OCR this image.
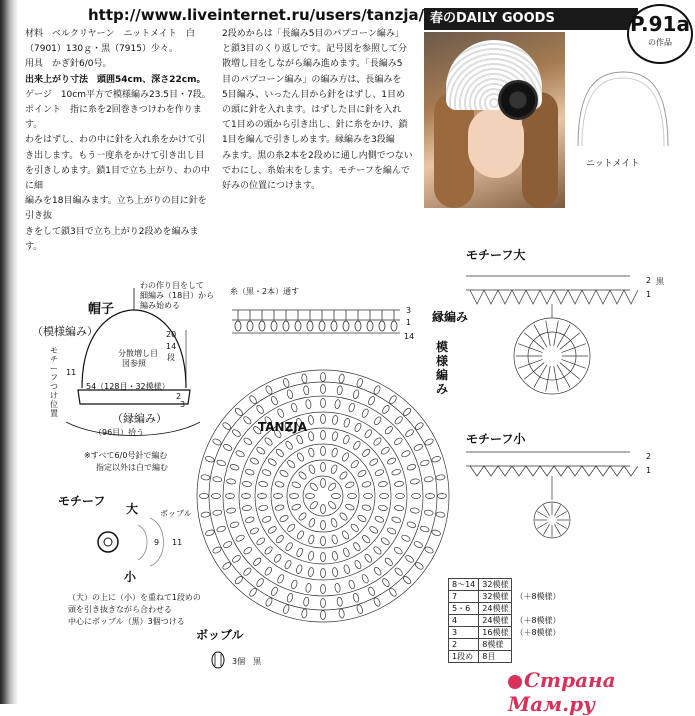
http://www.liveinternet.ru/users/tanzja/ 春のDAILY GOODS	P.91a
の作品

材料　ベルクリヤーン　ニットメイト　白

（7901）130ｇ・黒（7915）少々。

用具　かぎ針6/0号。

出来上がり寸法　頭囲54cm、深さ22cm。

ゲージ　10cm平方で模様編み23.5目・7段。

ポイント　指に糸を2回巻きつけわを作ります。

わをはずし、わの中に針を入れ糸をかけて引

き出します。もう一度糸をかけて引き出し目

を引きしめます。鎖1目で立ち上がり、わの中に細

編みを18目編みます。立ち上がりの目に針を引き抜

きをして鎖3目で立ち上がり2段めを編みます。

2段めからは「長編み5目のパプコーン編み」

と鎖3目のくり返しです。記号図を参照して分

散増し目をしながら編み進めます。「長編み5

目のパプコーン編み」の編み方は、長編みを

5目編み、いったん目から針をはずし、1目め

の頭に針を入れます。はずした目に針を入れ

て1目めの頭から引き出し、針に糸をかけ、鎖

1目を編んで引きしめます。縁編みを3段編

みます。黒の糸2本を2段めに通し内側でつない

でわにし、糸始末をします。モチーフを編んで

好みの位置につけます。

ニットメイト
帽子
（模様編み）
わの作り目をして
細編み（18目）から
編み始める
分散増し目
図参照
モチーフつけ位置
20
14
段
11
54（128目・32模様）
2
3
（縁編み）
（96目）拾う
※すべて6/0号針で編む
指定以外は白で編む
モチーフ
大
小
ボッブル
9 11
（大）の上に（小）を重ねて1段めの
頭を引き抜きながら合わせる
中心にボッブル（黒）3個つける
糸（黒・2本）通す
縁編み
模様編み
3
1
14
TANZJA
ボッブル
3個　黒
モチーフ大
2 黒
1
モチーフ小
2
1
8〜14	32模様	
7	32模様	（＋8模様）
5・6	24模様	
4	24模様	（＋8模様）
3	16模様	（＋8模様）
2	8模様	
1段め	8目	
Страна Мам.ру
